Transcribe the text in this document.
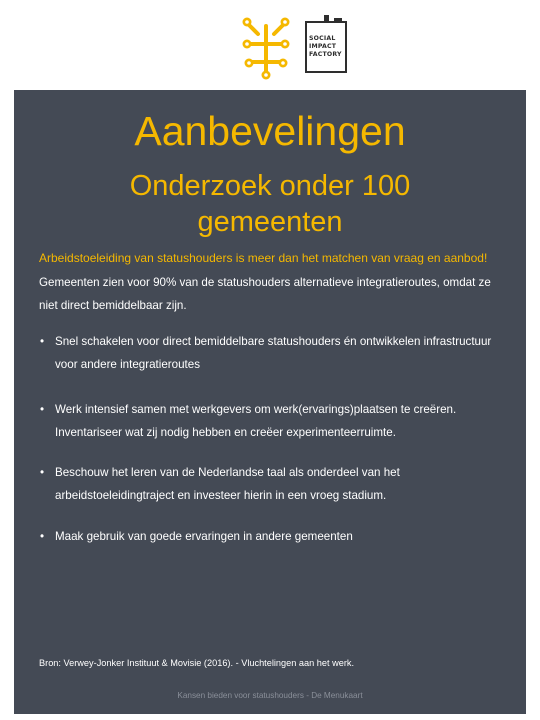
SOCIAL
IMPACT
FACTORY
Aanbevelingen
Onderzoek onder 100
gemeenten
Arbeidstoeleiding van statushouders is meer dan het matchen van vraag en aanbod!
Gemeenten zien voor 90% van de statushouders alternatieve integratieroutes, omdat ze niet direct bemiddelbaar zijn.
• Snel schakelen voor direct bemiddelbare statushouders én ontwikkelen infrastructuur voor andere integratieroutes
• Werk intensief samen met werkgevers om werk(ervarings)plaatsen te creëren. Inventariseer wat zij nodig hebben en creëer experimenteerruimte.
• Beschouw het leren van de Nederlandse taal als onderdeel van het arbeidstoeleidingtraject en investeer hierin in een vroeg stadium.
• Maak gebruik van goede ervaringen in andere gemeenten
Bron: Verwey-Jonker Instituut & Movisie (2016). - Vluchtelingen aan het werk.
Kansen bieden voor statushouders - De Menukaart
